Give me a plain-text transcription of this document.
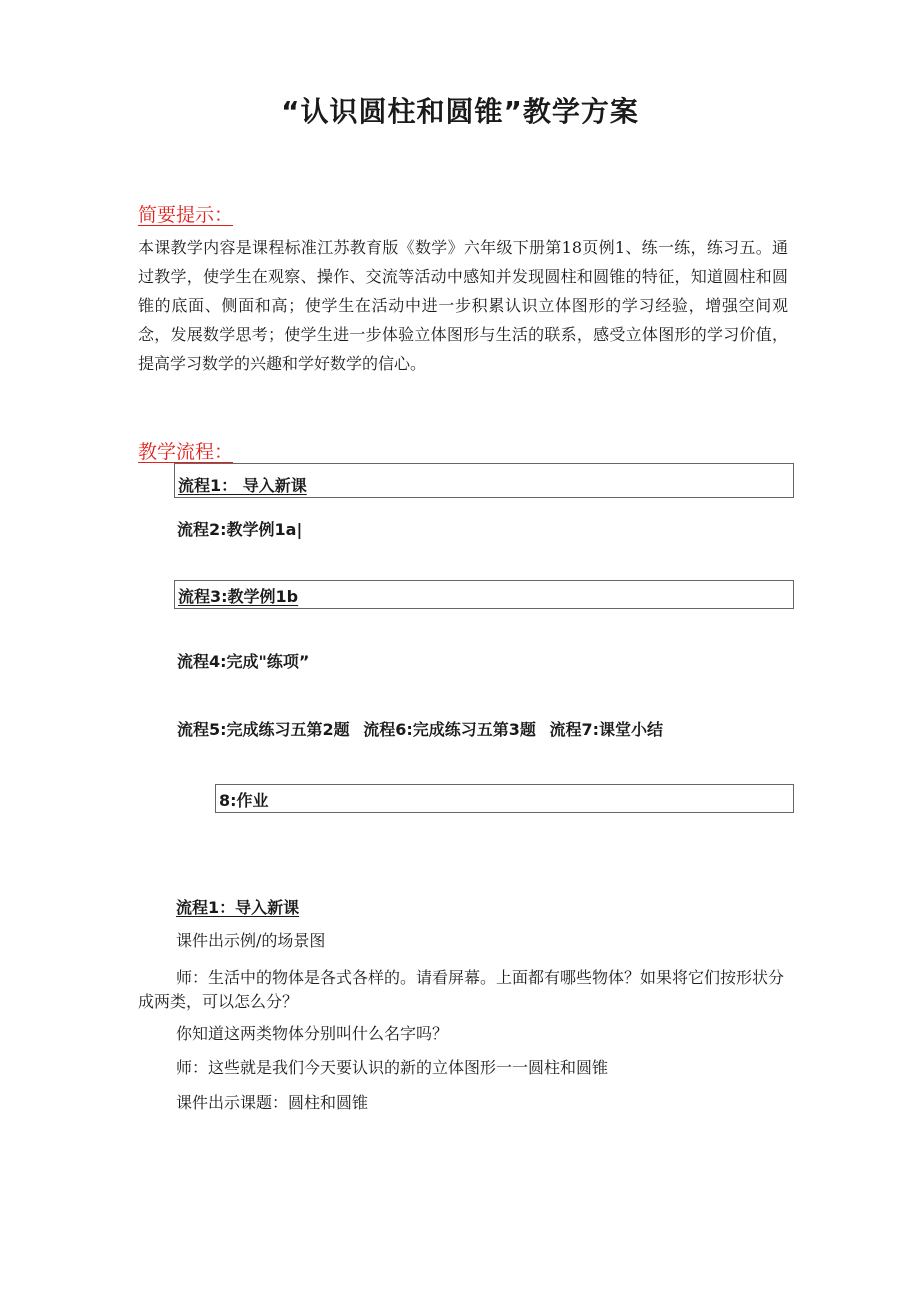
“认识圆柱和圆锥”教学方案
简要提示：
本课教学内容是课程标准江苏教育版《数学》六年级下册第18页例1、练一练，练习五。通过教学，使学生在观察、操作、交流等活动中感知并发现圆柱和圆锥的特征，知道圆柱和圆锥的底面、侧面和高；使学生在活动中进一步积累认识立体图形的学习经验，增强空间观念，发展数学思考；使学生进一步体验立体图形与生活的联系，感受立体图形的学习价值，提高学习数学的兴趣和学好数学的信心。
教学流程：
流程1： 导入新课
流程2:教学例1a|
流程3:教学例1b
流程4:完成"练项”
流程5:完成练习五第2题 流程6:完成练习五第3题 流程7:课堂小结
8:作业
流程1：导入新课
课件出示例/的场景图
师：生活中的物体是各式各样的。请看屏幕。上面都有哪些物体？如果将它们按形状分成两类，可以怎么分？
你知道这两类物体分别叫什么名字吗？
师：这些就是我们今天要认识的新的立体图形一一圆柱和圆锥
课件出示课题：圆柱和圆锥
